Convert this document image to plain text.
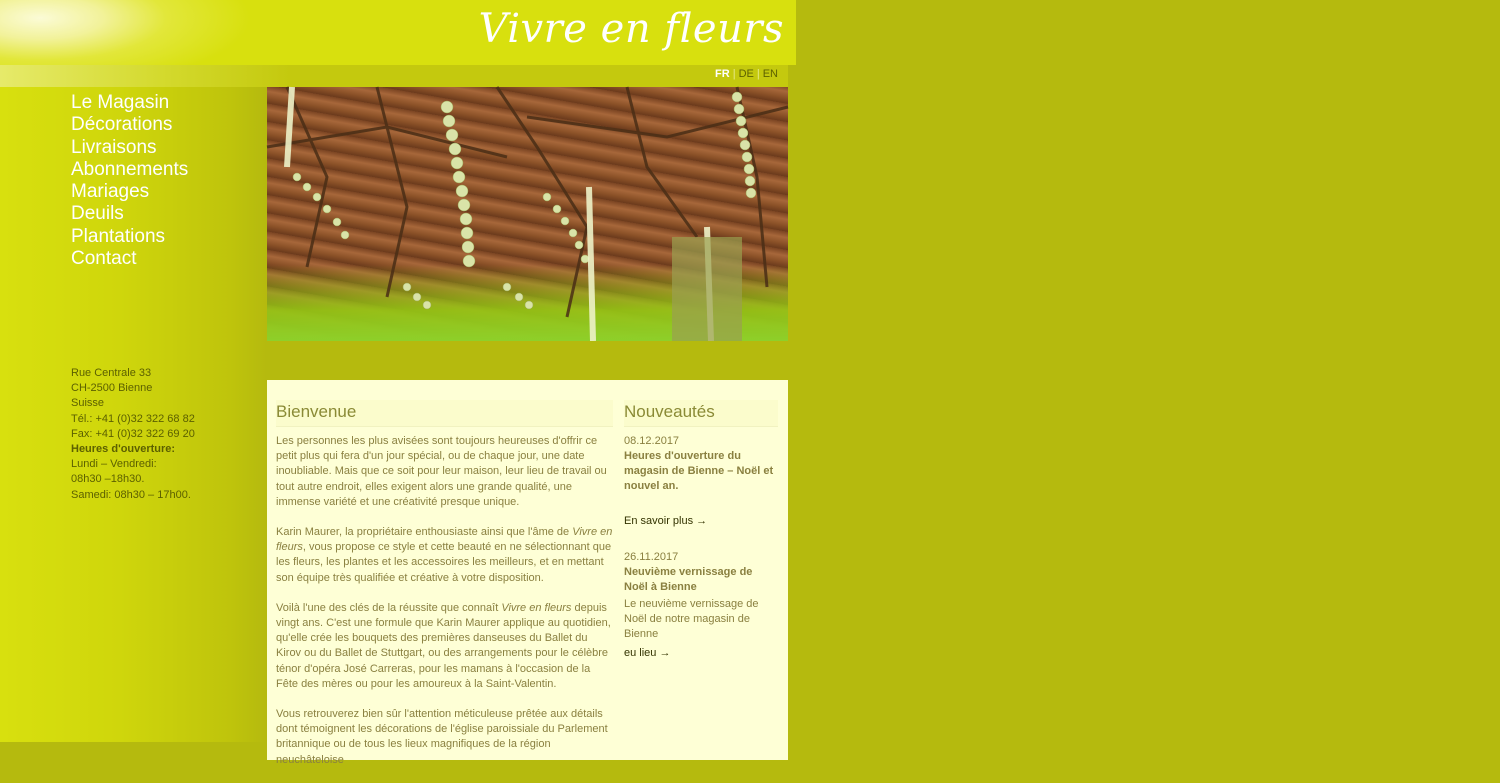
Vivre en fleurs
FR | DE | EN
Le Magasin
Décorations
Livraisons
Abonnements
Mariages
Deuils
Plantations
Contact
Rue Centrale 33
CH-2500 Bienne
Suisse
Tél.: +41 (0)32 322 68 82
Fax: +41 (0)32 322 69 20
Heures d'ouverture:
Lundi – Vendredi:
08h30 –18h30.
Samedi: 08h30 – 17h00.
Bienvenue

Les personnes les plus avisées sont toujours heureuses d'offrir ce petit plus qui fera d'un jour spécial, ou de chaque jour, une date inoubliable. Mais que ce soit pour leur maison, leur lieu de travail ou tout autre endroit, elles exigent alors une grande qualité, une immense variété et une créativité presque unique.

Karin Maurer, la propriétaire enthousiaste ainsi que l'âme de Vivre en fleurs, vous propose ce style et cette beauté en ne sélectionnant que les fleurs, les plantes et les accessoires les meilleurs, et en mettant son équipe très qualifiée et créative à votre disposition.

Voilà l'une des clés de la réussite que connaît Vivre en fleurs depuis vingt ans. C'est une formule que Karin Maurer applique au quotidien, qu'elle crée les bouquets des premières danseuses du Ballet du Kirov ou du Ballet de Stuttgart, ou des arrangements pour le célèbre ténor d'opéra José Carreras, pour les mamans à l'occasion de la Fête des mères ou pour les amoureux à la Saint-Valentin.

Vous retrouverez bien sûr l'attention méticuleuse prêtée aux détails dont témoignent les décorations de l'église paroissiale du Parlement britannique ou de tous les lieux magnifiques de la région neuchâteloise

Nouveautés
08.12.2017
Heures d'ouverture du magasin de Bienne – Noël et nouvel an.
En savoir plus →
26.11.2017
Neuvième vernissage de Noël à Bienne
Le neuvième vernissage de Noël de notre magasin de Bienne
eu lieu →
